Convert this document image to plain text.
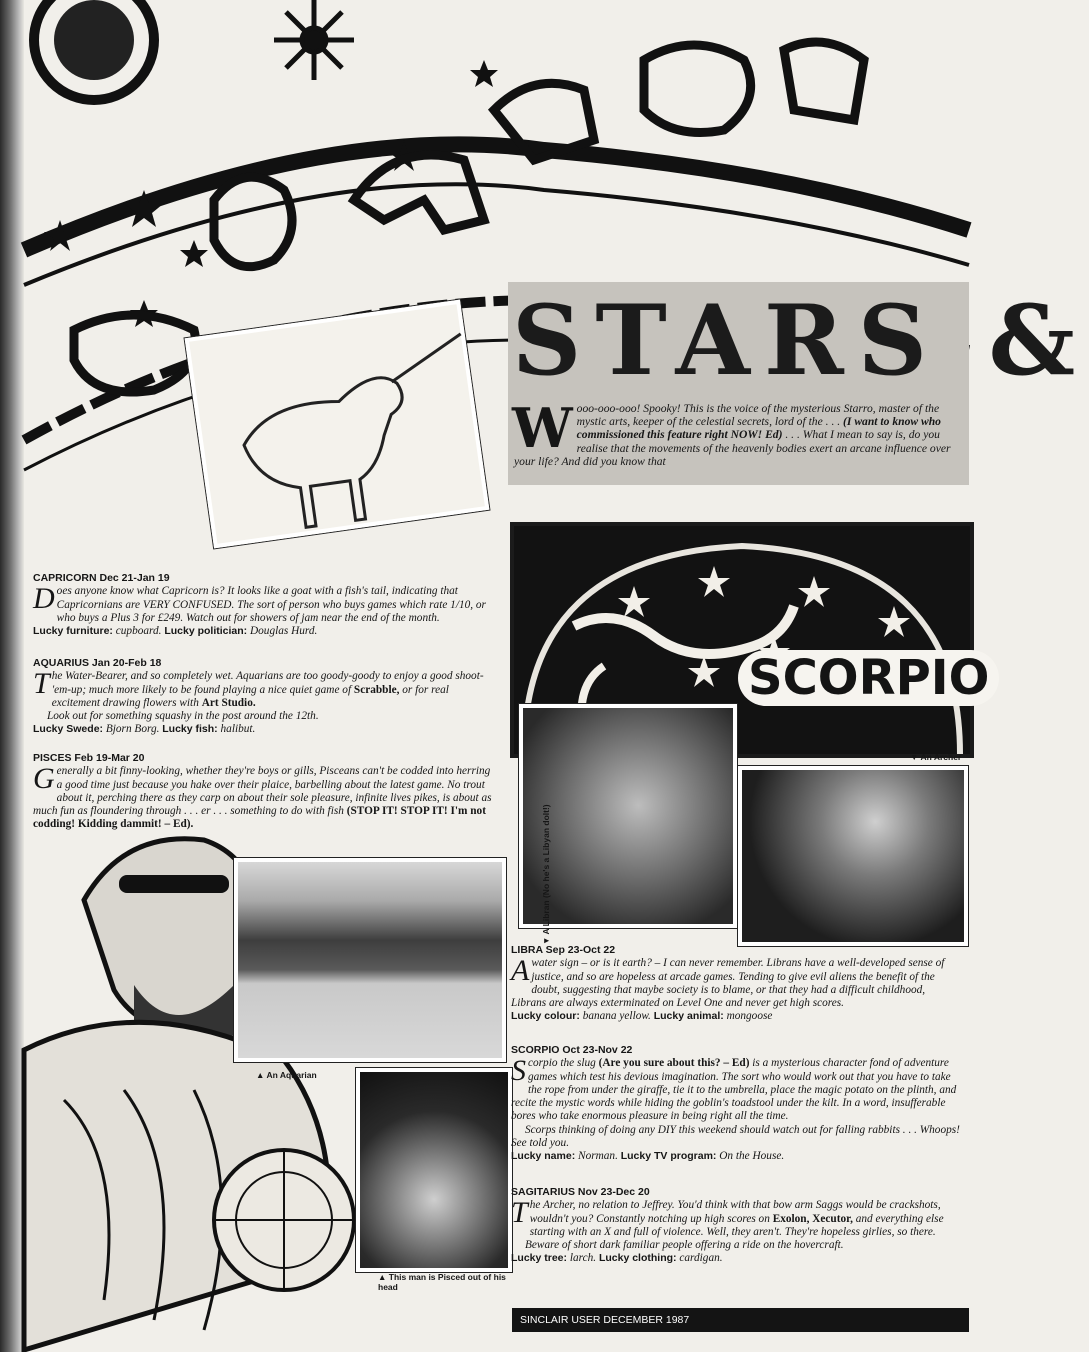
STARS &
W ooo-ooo-ooo! Spooky! This is the voice of the mysterious Starro, master of the mystic arts, keeper of the celestial secrets, lord of the . . . (I want to know who commissioned this feature right NOW! Ed) . . . What I mean to say is, do you realise that the movements of the heavenly bodies exert an arcane influence over your life? And did you know that
SCORPIO
▼ A Libran (No he's a Libyan dolt!)
▼ An Archer
▲ An Aquarian
▲ This man is Pisced out of his head
CAPRICORN Dec 21-Jan 19

Does anyone know what Capricorn is? It looks like a goat with a fish's tail, indicating that Capricornians are VERY CONFUSED. The sort of person who buys games which rate 1/10, or who buys a Plus 3 for £249. Watch out for showers of jam near the end of the month.

Lucky furniture: cupboard. Lucky politician: Douglas Hurd.

AQUARIUS Jan 20-Feb 18

The Water-Bearer, and so completely wet. Aquarians are too goody-goody to enjoy a good shoot-'em-up; much more likely to be found playing a nice quiet game of Scrabble, or for real excitement drawing flowers with Art Studio.

Look out for something squashy in the post around the 12th.

Lucky Swede: Bjorn Borg. Lucky fish: halibut.

PISCES Feb 19-Mar 20

Generally a bit finny-looking, whether they're boys or gills, Pisceans can't be codded into herring a good time just because you hake over their plaice, barbelling about the latest game. No trout about it, perching there as they carp on about their sole pleasure, infinite lives pikes, is about as much fun as floundering through . . . er . . . something to do with fish (STOP IT! STOP IT! I'm not codding! Kidding dammit! – Ed).

LIBRA Sep 23-Oct 22

Awater sign – or is it earth? – I can never remember. Librans have a well-developed sense of justice, and so are hopeless at arcade games. Tending to give evil aliens the benefit of the doubt, suggesting that maybe society is to blame, or that they had a difficult childhood, Librans are always exterminated on Level One and never get high scores.

Lucky colour: banana yellow. Lucky animal: mongoose

SCORPIO Oct 23-Nov 22

Scorpio the slug (Are you sure about this? – Ed) is a mysterious character fond of adventure games which test his devious imagination. The sort who would work out that you have to take the rope from under the giraffe, tie it to the umbrella, place the magic potato on the plinth, and recite the mystic words while hiding the goblin's toadstool under the kilt. In a word, insufferable bores who take enormous pleasure in being right all the time.

Scorps thinking of doing any DIY this weekend should watch out for falling rabbits . . . Whoops! See told you.

Lucky name: Norman. Lucky TV program: On the House.

SAGITARIUS Nov 23-Dec 20

The Archer, no relation to Jeffrey. You'd think with that bow arm Saggs would be crackshots, wouldn't you? Constantly notching up high scores on Exolon, Xecutor, and everything else starting with an X and full of violence. Well, they aren't. They're hopeless girlies, so there.

Beware of short dark familiar people offering a ride on the hovercraft.

Lucky tree: larch. Lucky clothing: cardigan.

SINCLAIR USER DECEMBER 1987
